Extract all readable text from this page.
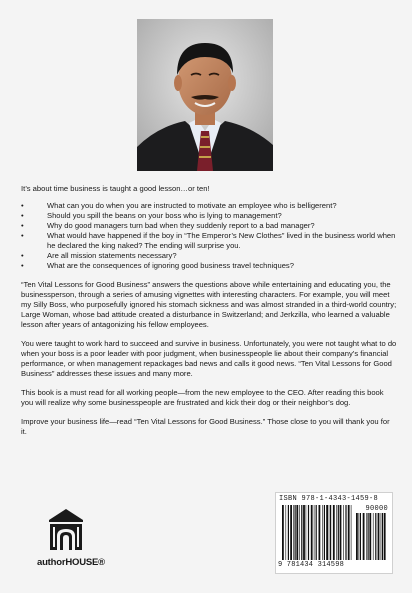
It’s about time business is taught a good lesson…or ten!

• What can you do when you are instructed to motivate an employee who is belligerent?
• Should you spill the beans on your boss who is lying to management?
• Why do good managers turn bad when they suddenly report to a bad manager?
• What would have happened if the boy in “The Emperor’s New Clothes” lived in the business world when he declared the king naked? The ending will surprise you.
• Are all mission statements necessary?
• What are the consequences of ignoring good business travel techniques?

“Ten Vital Lessons for Good Business” answers the questions above while entertaining and educating you, the businessperson, through a series of amusing vignettes with interesting characters. For example, you will meet my Silly Boss, who purposefully ignored his stomach sickness and was almost stranded in a third-world country; Large Woman, whose bad attitude created a disturbance in Switzerland; and Jerkzilla, who learned a valuable lesson after years of antagonizing his fellow employees.

You were taught to work hard to succeed and survive in business. Unfortunately, you were not taught what to do when your boss is a poor leader with poor judgment, when businesspeople lie about their company’s financial performance, or when management repackages bad news and calls it good news. “Ten Vital Lessons for Good Business” addresses these issues and many more.

This book is a must read for all working people—from the new employee to the CEO. After reading this book you will realize why some businesspeople are frustrated and kick their dog or their neighbor’s dog.

Improve your business life—read “Ten Vital Lessons for Good Business.” Those close to you will thank you for it.

authorHOUSE®
ISBN 978-1-4343-1459-8
90000
9 781434 314598
